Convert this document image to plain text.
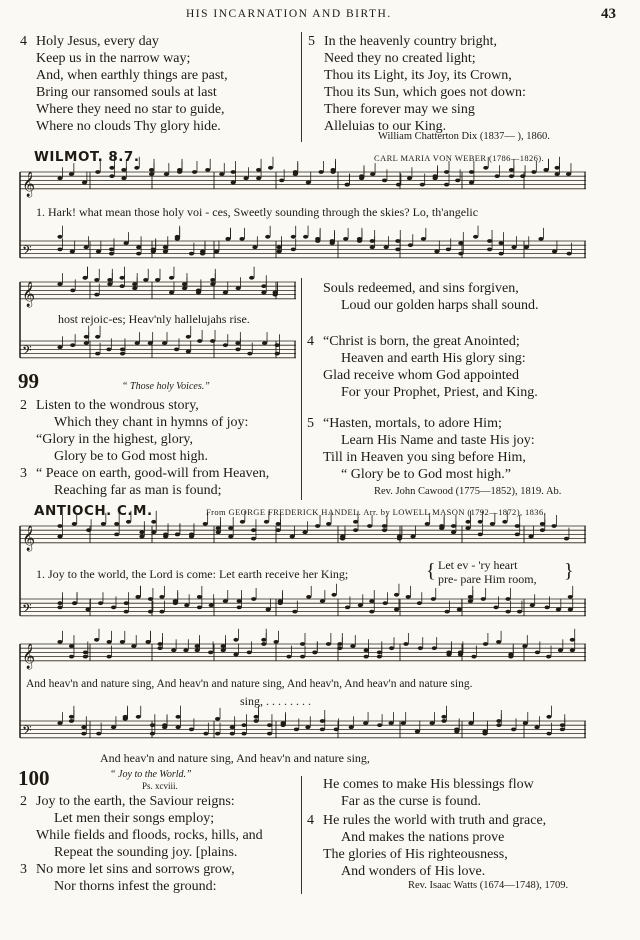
HIS INCARNATION AND BIRTH.	43
4 Holy Jesus, every day
Keep us in the narrow way;
And, when earthly things are past,
Bring our ransomed souls at last
Where they need no star to guide,
Where no clouds Thy glory hide.
5 In the heavenly country bright,
Need they no created light;
Thou its Light, its Joy, its Crown,
Thou its Sun, which goes not down:
There forever may we sing
Alleluias to our King.
William Chatterton Dix (1837— ), 1860.
WILMOT. 8.7.	CARL MARIA VON WEBER (1786—1826).
𝄞
𝄢
1. Hark! what mean those holy voi - ces, Sweetly sounding through the skies? Lo, th'angelic
𝄞
𝄢
host rejoic-es; Heav'nly hallelujahs rise.
Souls redeemed, and sins forgiven,
Loud our golden harps shall sound.
4 “Christ is born, the great Anointed;
Heaven and earth His glory sing:
Glad receive whom God appointed
For your Prophet, Priest, and King.
5 “Hasten, mortals, to adore Him;
Learn His Name and taste His joy:
Till in Heaven you sing before Him,
“ Glory be to God most high.”
Rev. John Cawood (1775—1852), 1819. Ab.
99	“ Those holy Voices.”
2 Listen to the wondrous story,
Which they chant in hymns of joy:
“Glory in the highest, glory,
Glory be to God most high.
3 “ Peace on earth, good-will from Heaven,
Reaching far as man is found;
ANTIOCH. C.M.	From GEORGE FREDERICK HANDEL. Arr. by LOWELL MASON (1792—1872), 1836.
𝄞
𝄢
1. Joy to the world, the Lord is come: Let earth receive her King;
Let ev - 'ry heart
pre- pare Him room,
{	}
𝄞
𝄢
And heav'n and nature sing, And heav'n and nature sing, And heav'n, And heav'n and nature sing.
sing, . . . . . . . .
And heav'n and nature sing, And heav'n and nature sing,
100	“ Joy to the World.”
Ps. xcviii.
2 Joy to the earth, the Saviour reigns:
Let men their songs employ;
While fields and floods, rocks, hills, and
Repeat the sounding joy. [plains.
3 No more let sins and sorrows grow,
Nor thorns infest the ground:
He comes to make His blessings flow
Far as the curse is found.
4 He rules the world with truth and grace,
And makes the nations prove
The glories of His righteousness,
And wonders of His love.
Rev. Isaac Watts (1674—1748), 1709.
